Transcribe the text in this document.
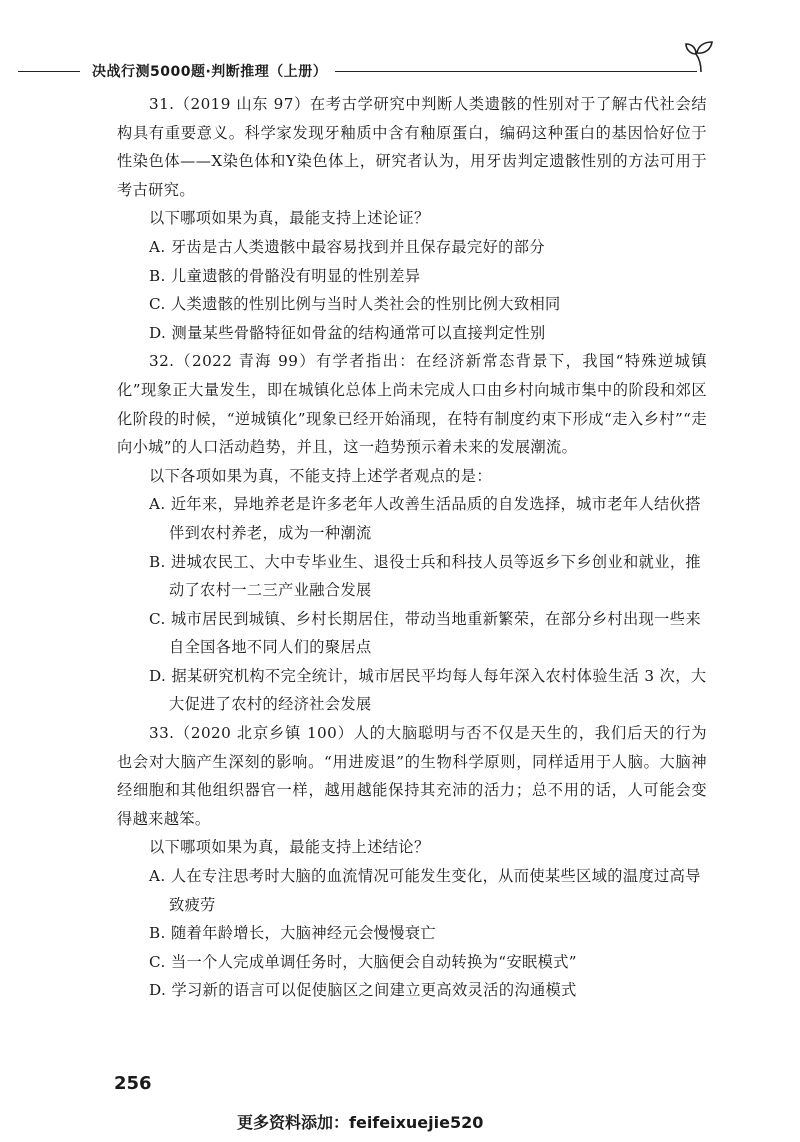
决战行测5000题·判断推理（上册）

31.（2019 山东 97）在考古学研究中判断人类遗骸的性别对于了解古代社会结构具有重要意义。科学家发现牙釉质中含有釉原蛋白，编码这种蛋白的基因恰好位于性染色体——X染色体和Y染色体上，研究者认为，用牙齿判定遗骸性别的方法可用于考古研究。

以下哪项如果为真，最能支持上述论证？

A. 牙齿是古人类遗骸中最容易找到并且保存最完好的部分

B. 儿童遗骸的骨骼没有明显的性别差异

C. 人类遗骸的性别比例与当时人类社会的性别比例大致相同

D. 测量某些骨骼特征如骨盆的结构通常可以直接判定性别

32.（2022 青海 99）有学者指出：在经济新常态背景下，我国“特殊逆城镇化”现象正大量发生，即在城镇化总体上尚未完成人口由乡村向城市集中的阶段和郊区化阶段的时候，“逆城镇化”现象已经开始涌现，在特有制度约束下形成“走入乡村”“走向小城”的人口活动趋势，并且，这一趋势预示着未来的发展潮流。

以下各项如果为真，不能支持上述学者观点的是：

A. 近年来，异地养老是许多老年人改善生活品质的自发选择，城市老年人结伙搭伴到农村养老，成为一种潮流

B. 进城农民工、大中专毕业生、退役士兵和科技人员等返乡下乡创业和就业，推动了农村一二三产业融合发展

C. 城市居民到城镇、乡村长期居住，带动当地重新繁荣，在部分乡村出现一些来自全国各地不同人们的聚居点

D. 据某研究机构不完全统计，城市居民平均每人每年深入农村体验生活 3 次，大大促进了农村的经济社会发展

33.（2020 北京乡镇 100）人的大脑聪明与否不仅是天生的，我们后天的行为也会对大脑产生深刻的影响。“用进废退”的生物科学原则，同样适用于人脑。大脑神经细胞和其他组织器官一样，越用越能保持其充沛的活力；总不用的话，人可能会变得越来越笨。

以下哪项如果为真，最能支持上述结论？

A. 人在专注思考时大脑的血流情况可能发生变化，从而使某些区域的温度过高导致疲劳

B. 随着年龄增长，大脑神经元会慢慢衰亡

C. 当一个人完成单调任务时，大脑便会自动转换为“安眠模式”

D. 学习新的语言可以促使脑区之间建立更高效灵活的沟通模式

256
更多资料添加：feifeixuejie520
